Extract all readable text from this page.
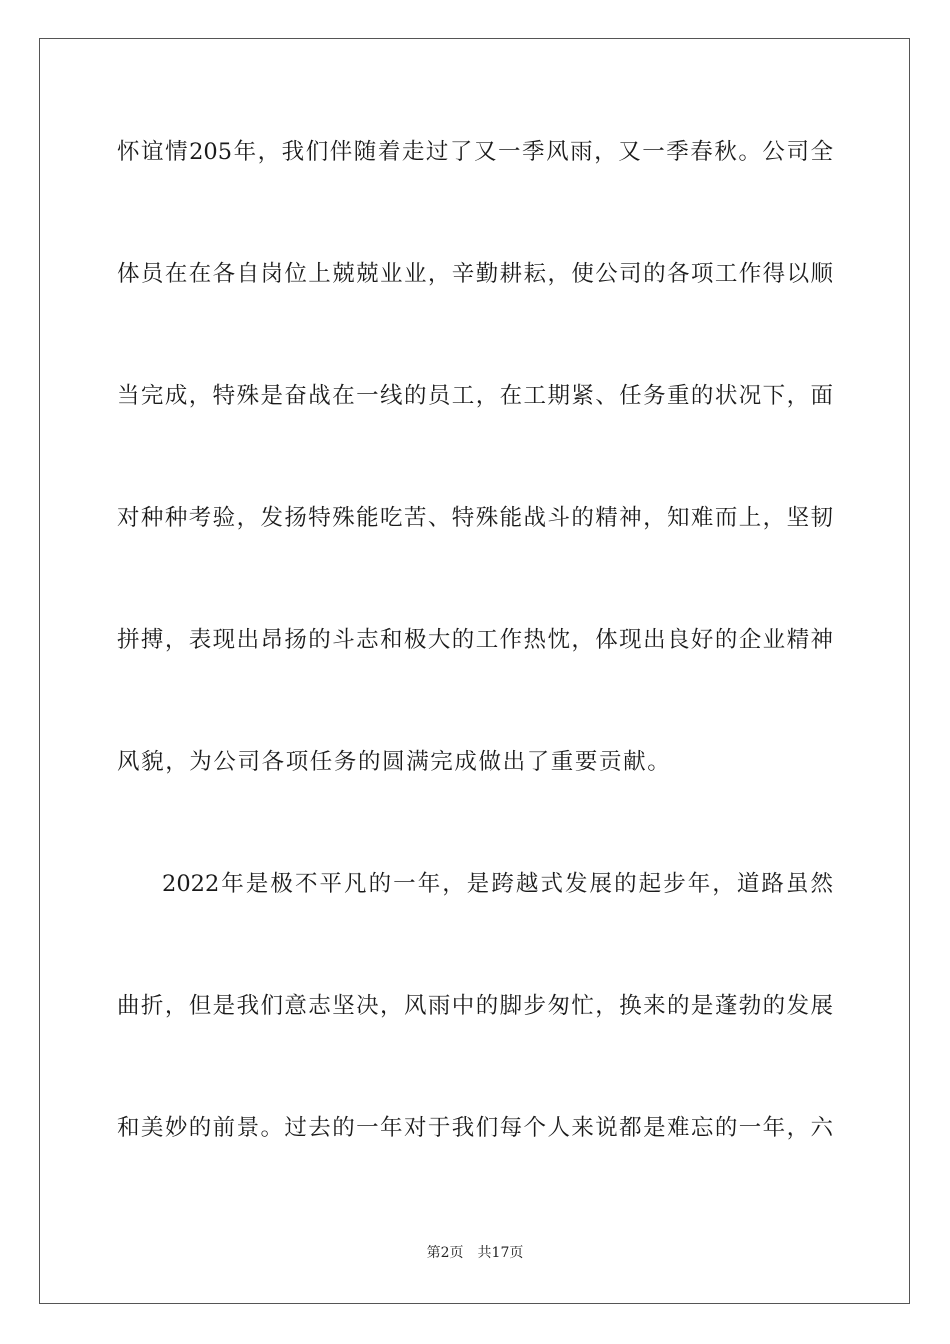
怀谊情205年，我们伴随着走过了又一季风雨，又一季春秋。公司全

体员在在各自岗位上兢兢业业，辛勤耕耘，使公司的各项工作得以顺

当完成，特殊是奋战在一线的员工，在工期紧、任务重的状况下，面

对种种考验，发扬特殊能吃苦、特殊能战斗的精神，知难而上，坚韧

拼搏，表现出昂扬的斗志和极大的工作热忱，体现出良好的企业精神

风貌，为公司各项任务的圆满完成做出了重要贡献。

2022年是极不平凡的一年，是跨越式发展的起步年，道路虽然

曲折，但是我们意志坚决，风雨中的脚步匆忙，换来的是蓬勃的发展

和美妙的前景。过去的一年对于我们每个人来说都是难忘的一年，六

第2页 共17页
